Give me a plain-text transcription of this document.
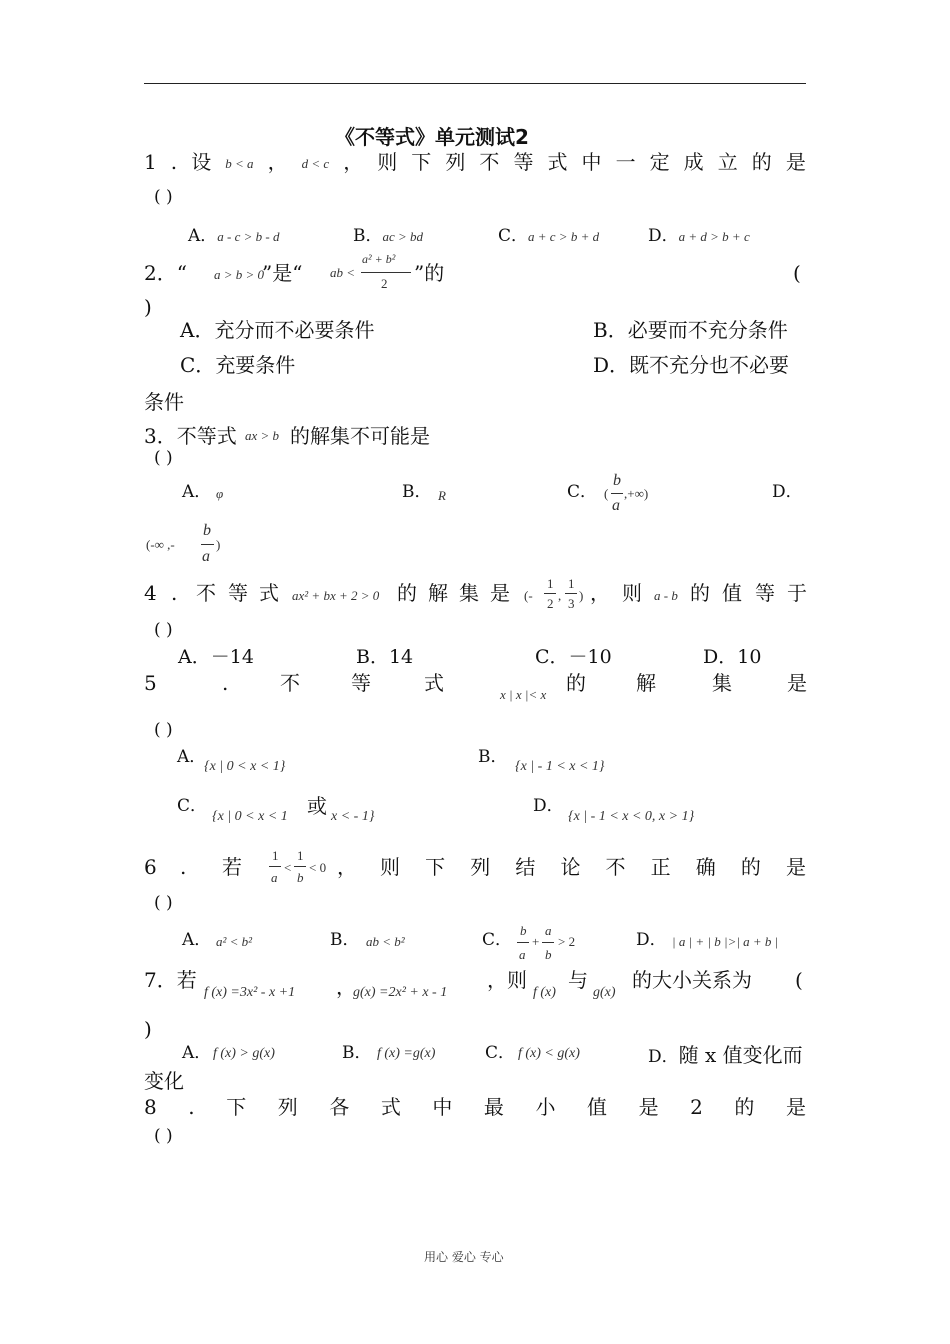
《不等式》单元测试2
1 . 设 b < a ， d < c ， 则 下 列 不 等 式 中 一 定 成 立 的 是
( )
A．a - c > b - d	B．ac > bd	C．a + c > b + d	D．a + d > b + c
2．“ a > b > 0
”是“ ab <
a² + b²
2 ”的	(
)
A．充分而不必要条件	B．必要而不充分条件
C．充要条件	D．既不充分也不必要
条件
3．不等式 ax > b 的解集不可能是
( )
A． φ	B． R	C． (
b
a
,+∞)	D．
(-∞ ,-
b
a
)
4 . 不 等 式 ax² + bx + 2 > 0 的 解 集 是 (-
1
2
,
1
3
) ， 则 a - b 的 值 等 于
( )
A．－14	B．14	C．－10	D．10
5	.	不	等	式	x | x |< x 的	解	集	是
( )
A．
{x | 0 < x < 1}	B． {x | - 1 < x < 1}
C．
{x | 0 < x < 1 或 x < - 1}
D．
{x | - 1 < x < 0, x > 1}
6 . 若 1
a
<
1
b
< 0 ， 则 下 列 结 论 不 正 确 的 是
( )
A． a² < b²	B． ab < b²	C． b
a
+
a
b
> 2	D． | a | + | b |>| a + b |
7．若
f (x) =3x² - x +1 ，
g(x) =2x² + x - 1
，则
f (x)
与
g(x)
的大小关系为 (
)
A． f (x) > g(x)	B． f (x) =g(x)	C． f (x) < g(x)	D．随 x 值变化而
变化
8 . 下 列 各 式 中 最 小 值 是 2 的 是
( )
用心 爱心 专心
